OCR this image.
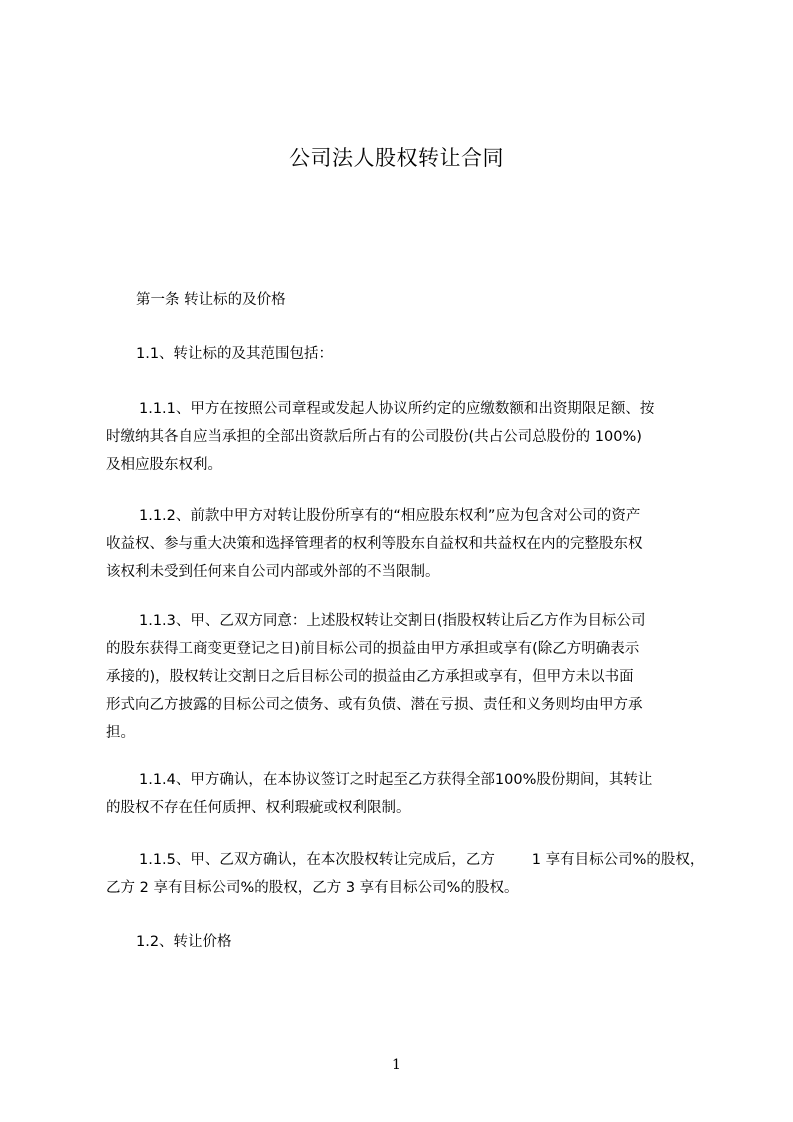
公司法人股权转让合同
第一条 转让标的及价格
1.1、转让标的及其范围包括：
1.1.1、甲方在按照公司章程或发起人协议所约定的应缴数额和出资期限足额、按
时缴纳其各自应当承担的全部出资款后所占有的公司股份(共占公司总股份的 100%)
及相应股东权利。
1.1.2、前款中甲方对转让股份所享有的“相应股东权利”应为包含对公司的资产
收益权、参与重大决策和选择管理者的权利等股东自益权和共益权在内的完整股东权
该权利未受到任何来自公司内部或外部的不当限制。
1.1.3、甲、乙双方同意：上述股权转让交割日(指股权转让后乙方作为目标公司
的股东获得工商变更登记之日)前目标公司的损益由甲方承担或享有(除乙方明确表示
承接的)，股权转让交割日之后目标公司的损益由乙方承担或享有，但甲方未以书面
形式向乙方披露的目标公司之债务、或有负债、潜在亏损、责任和义务则均由甲方承
担。
1.1.4、甲方确认，在本协议签订之时起至乙方获得全部100%股份期间，其转让
的股权不存在任何质押、权利瑕疵或权利限制。
1.1.5、甲、乙双方确认，在本次股权转让完成后，乙方        1 享有目标公司%的股权，
乙方 2 享有目标公司%的股权，乙方 3 享有目标公司%的股权。
1.2、转让价格
1
